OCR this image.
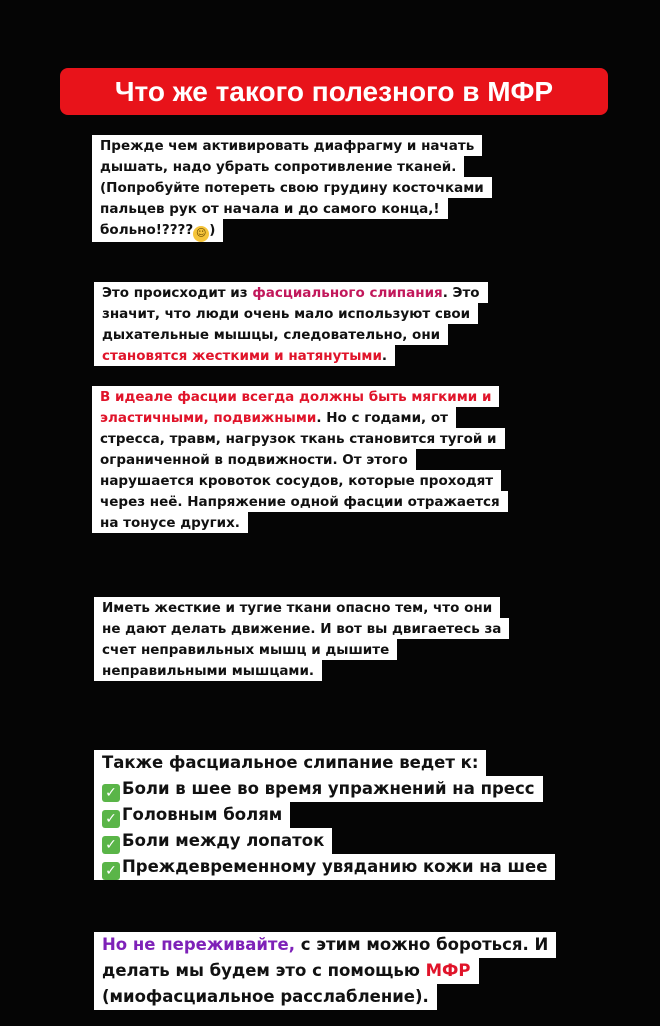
Что же такого полезного в МФР
Прежде чем активировать диафрагму и начать
дышать, надо убрать сопротивление тканей.
(Попробуйте потереть свою грудину косточками
пальцев рук от начала и до самого конца,!
больно!???? ☺ )
Это происходит из фасциального слипания. Это
значит, что люди очень мало используют свои
дыхательные мышцы, следовательно, они
становятся жесткими и натянутыми.
В идеале фасции всегда должны быть мягкими и
эластичными, подвижными. Но с годами, от
стресса, травм, нагрузок ткань становится тугой и
ограниченной в подвижности. От этого
нарушается кровоток сосудов, которые проходят
через неё. Напряжение одной фасции отражается
на тонусе других.
Иметь жесткие и тугие ткани опасно тем, что они
не дают делать движение. И вот вы двигаетесь за
счет неправильных мышц и дышите
неправильными мышцами.
Также фасциальное слипание ведет к:
✓ Боли в шее во время упражнений на пресс
✓ Головным болям
✓ Боли между лопаток
✓ Преждевременному увяданию кожи на шее
Но не переживайте, с этим можно бороться. И
делать мы будем это с помощью МФР
(миофасциальное расслабление).
